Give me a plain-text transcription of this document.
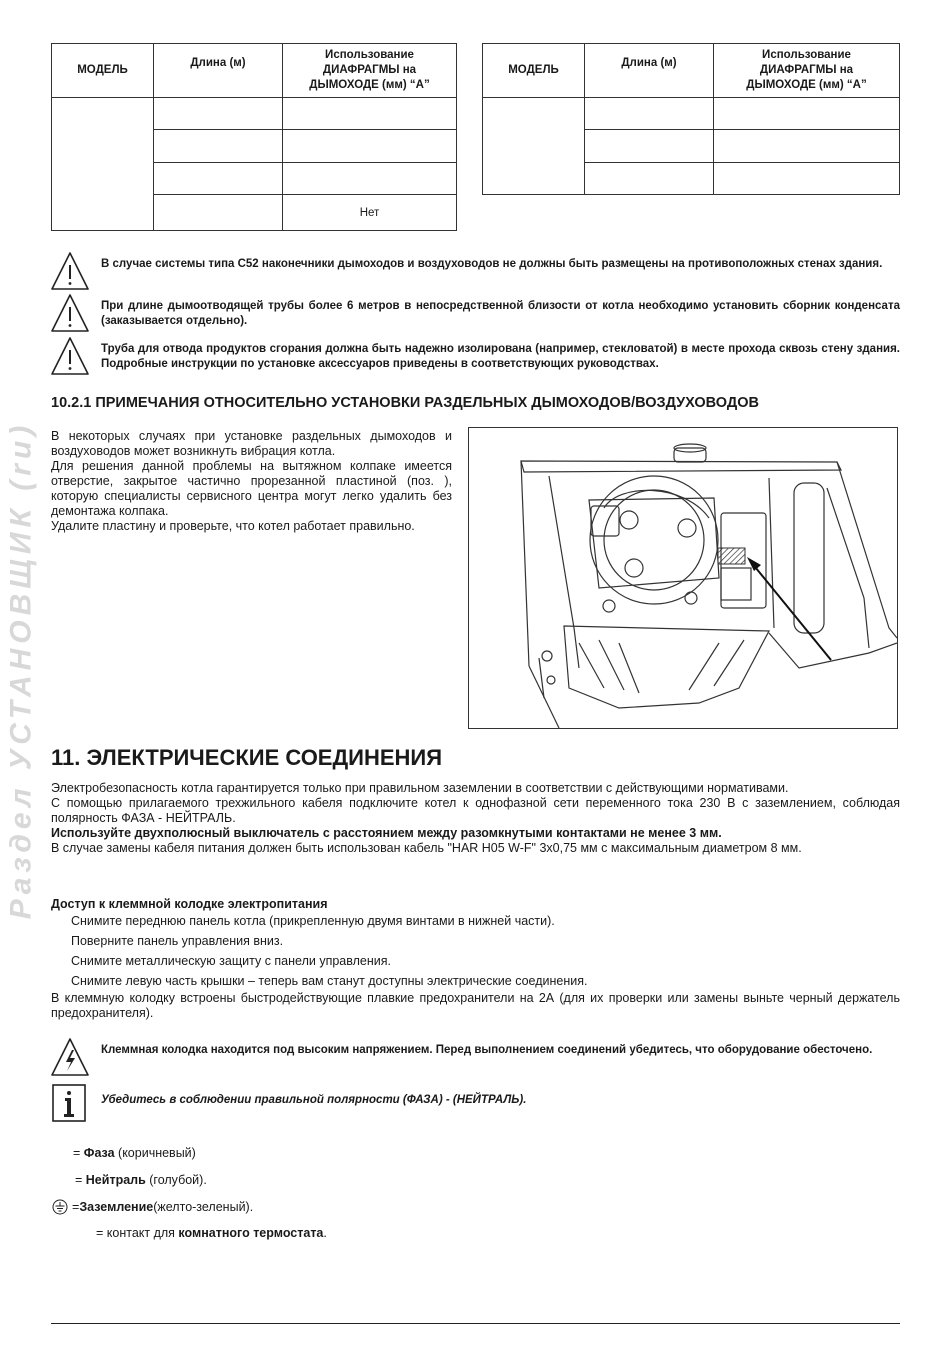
Раздел УСТАНОВЩИК (ru)
МОДЕЛЬ	Длина (м)	Использование
ДИАФРАГМЫ на
ДЫМОХОДЕ (мм) “A”

		Нет
МОДЕЛЬ	Длина (м)	Использование
ДИАФРАГМЫ на
ДЫМОХОДЕ (мм) “A”

В случае системы типа C52 наконечники дымоходов и воздуховодов не должны быть размещены на противоположных стенах здания.
При длине дымоотводящей трубы более 6 метров в непосредственной близости от котла необходимо установить сборник конденсата (заказывается отдельно).
Труба для отвода продуктов сгорания должна быть надежно изолирована (например, стекловатой) в месте прохода сквозь стену здания. Подробные инструкции по установке аксессуаров приведены в соответствующих руководствах.
10.2.1 ПРИМЕЧАНИЯ ОТНОСИТЕЛЬНО УСТАНОВКИ РАЗДЕЛЬНЫХ ДЫМОХОДОВ/ВОЗДУХОВОДОВ

В некоторых случаях при установке раздельных дымоходов и воздуховодов может возникнуть вибрация котла.

Для решения данной проблемы на вытяжном колпаке имеется отверстие, закрытое частично прорезанной пластиной (поз. ), которую специалисты сервисного центра могут легко удалить без демонтажа колпака.

Удалите пластину и проверьте, что котел работает правильно.

11. ЭЛЕКТРИЧЕСКИЕ СОЕДИНЕНИЯ

Электробезопасность котла гарантируется только при правильном заземлении в соответствии с действующими нормативами.

С помощью прилагаемого трехжильного кабеля подключите котел к однофазной сети переменного тока 230 В с заземлением, соблюдая полярность ФАЗА - НЕЙТРАЛЬ.

Используйте двухполюсный выключатель с расстоянием между разомкнутыми контактами не менее 3 мм.

В случае замены кабеля питания должен быть использован кабель "HAR H05 W-F" 3x0,75 мм с максимальным диаметром 8 мм.

Доступ к клеммной колодке электропитания
Снимите переднюю панель котла (прикрепленную двумя винтами в нижней части).
Поверните панель управления вниз.
Снимите металлическую защиту с панели управления.
Снимите левую часть крышки – теперь вам станут доступны электрические соединения.
В клеммную колодку встроены быстродействующие плавкие предохранители на 2А (для их проверки или замены выньте черный держатель предохранителя).
Клеммная колодка находится под высоким напряжением. Перед выполнением соединений убедитесь, что оборудование обесточено.
Убедитесь в соблюдении правильной полярности (ФАЗА) - (НЕЙТРАЛЬ).
= Фаза (коричневый)
= Нейтраль (голубой).
= Заземление (желто-зеленый).
= контакт для комнатного термостата.
